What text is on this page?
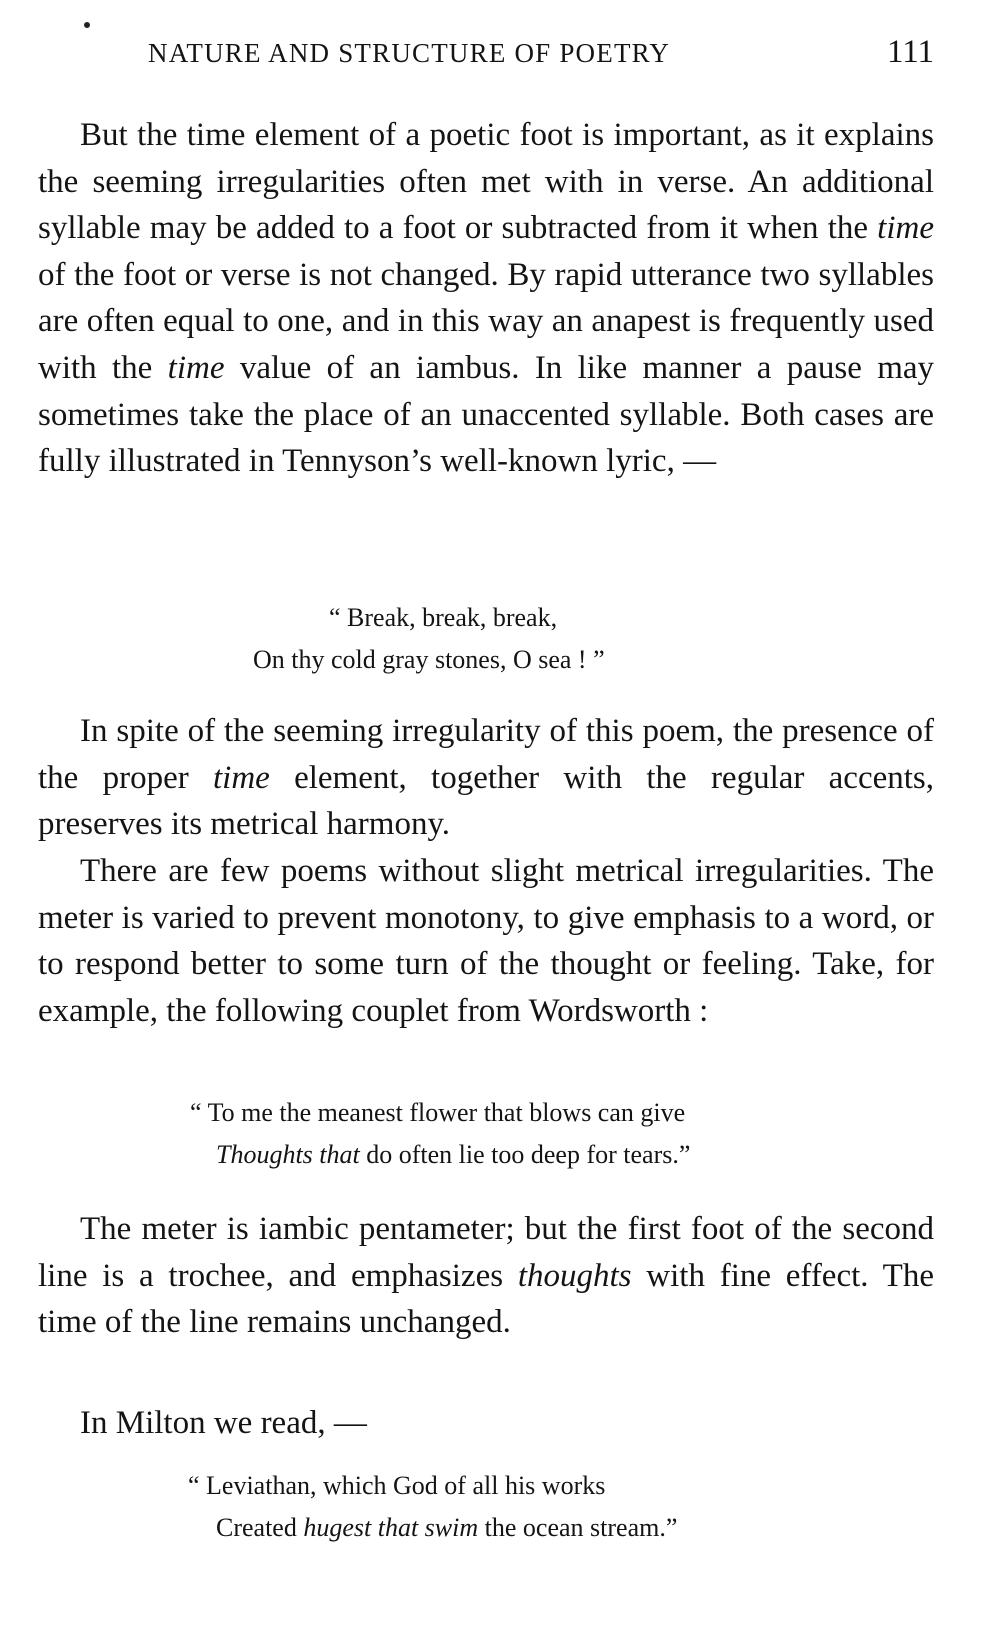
NATURE AND STRUCTURE OF POETRY	111

But the time element of a poetic foot is important, as it explains the seeming irregularities often met with in verse. An additional syllable may be added to a foot or subtracted from it when the time of the foot or verse is not changed. By rapid utterance two syllables are often equal to one, and in this way an anapest is frequently used with the time value of an iambus. In like manner a pause may sometimes take the place of an unaccented syllable. Both cases are fully illustrated in Tennyson’s well-known lyric, —

“ Break, break, break,
On thy cold gray stones, O sea ! ”

In spite of the seeming irregularity of this poem, the presence of the proper time element, together with the regular accents, preserves its metrical harmony.

There are few poems without slight metrical irregularities. The meter is varied to prevent monotony, to give emphasis to a word, or to respond better to some turn of the thought or feeling. Take, for example, the following couplet from Wordsworth :

“ To me the meanest flower that blows can give
Thoughts that do often lie too deep for tears.”

The meter is iambic pentameter; but the first foot of the second line is a trochee, and emphasizes thoughts with fine effect. The time of the line remains unchanged.

In Milton we read, —

“ Leviathan, which God of all his works
Created hugest that swim the ocean stream.”
